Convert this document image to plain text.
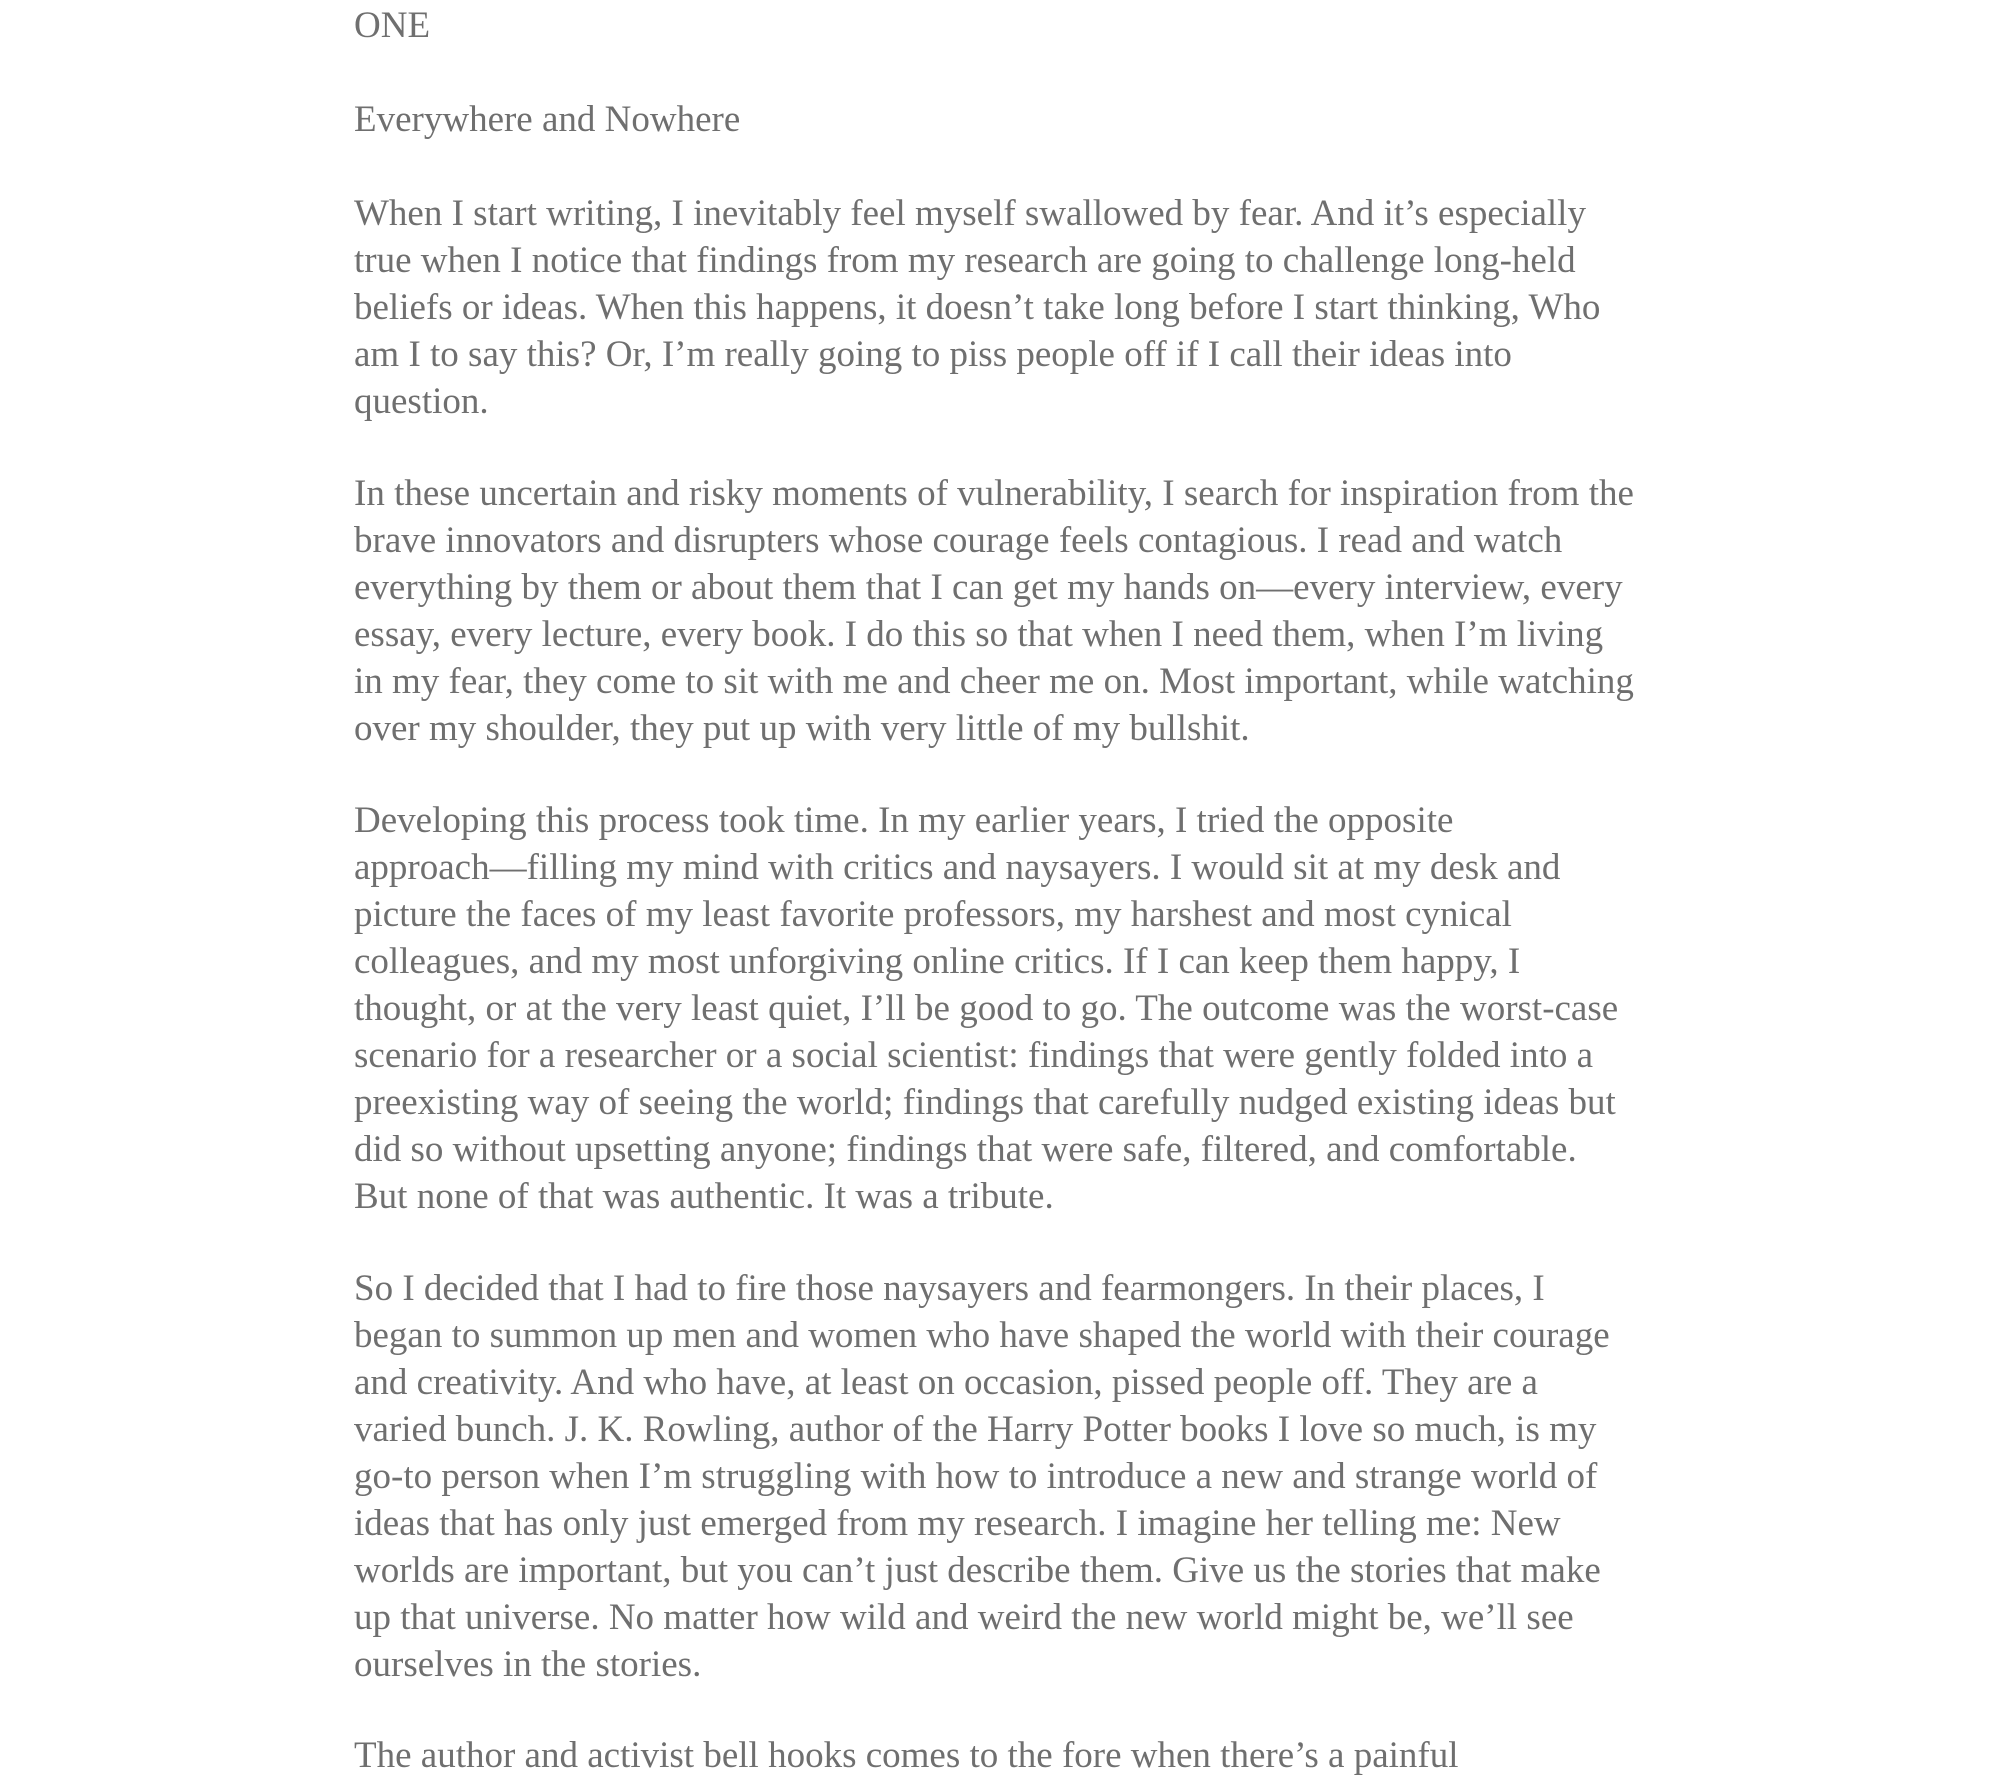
ONE
Everywhere and Nowhere
When I start writing, I inevitably feel myself swallowed by fear. And it’s especially
true when I notice that findings from my research are going to challenge long-held
beliefs or ideas. When this happens, it doesn’t take long before I start thinking, Who
am I to say this? Or, I’m really going to piss people off if I call their ideas into
question.
In these uncertain and risky moments of vulnerability, I search for inspiration from the
brave innovators and disrupters whose courage feels contagious. I read and watch
everything by them or about them that I can get my hands on—every interview, every
essay, every lecture, every book. I do this so that when I need them, when I’m living
in my fear, they come to sit with me and cheer me on. Most important, while watching
over my shoulder, they put up with very little of my bullshit.
Developing this process took time. In my earlier years, I tried the opposite
approach—filling my mind with critics and naysayers. I would sit at my desk and
picture the faces of my least favorite professors, my harshest and most cynical
colleagues, and my most unforgiving online critics. If I can keep them happy, I
thought, or at the very least quiet, I’ll be good to go. The outcome was the worst-case
scenario for a researcher or a social scientist: findings that were gently folded into a
preexisting way of seeing the world; findings that carefully nudged existing ideas but
did so without upsetting anyone; findings that were safe, filtered, and comfortable.
But none of that was authentic. It was a tribute.
So I decided that I had to fire those naysayers and fearmongers. In their places, I
began to summon up men and women who have shaped the world with their courage
and creativity. And who have, at least on occasion, pissed people off. They are a
varied bunch. J. K. Rowling, author of the Harry Potter books I love so much, is my
go-to person when I’m struggling with how to introduce a new and strange world of
ideas that has only just emerged from my research. I imagine her telling me: New
worlds are important, but you can’t just describe them. Give us the stories that make
up that universe. No matter how wild and weird the new world might be, we’ll see
ourselves in the stories.
The author and activist bell hooks comes to the fore when there’s a painful
